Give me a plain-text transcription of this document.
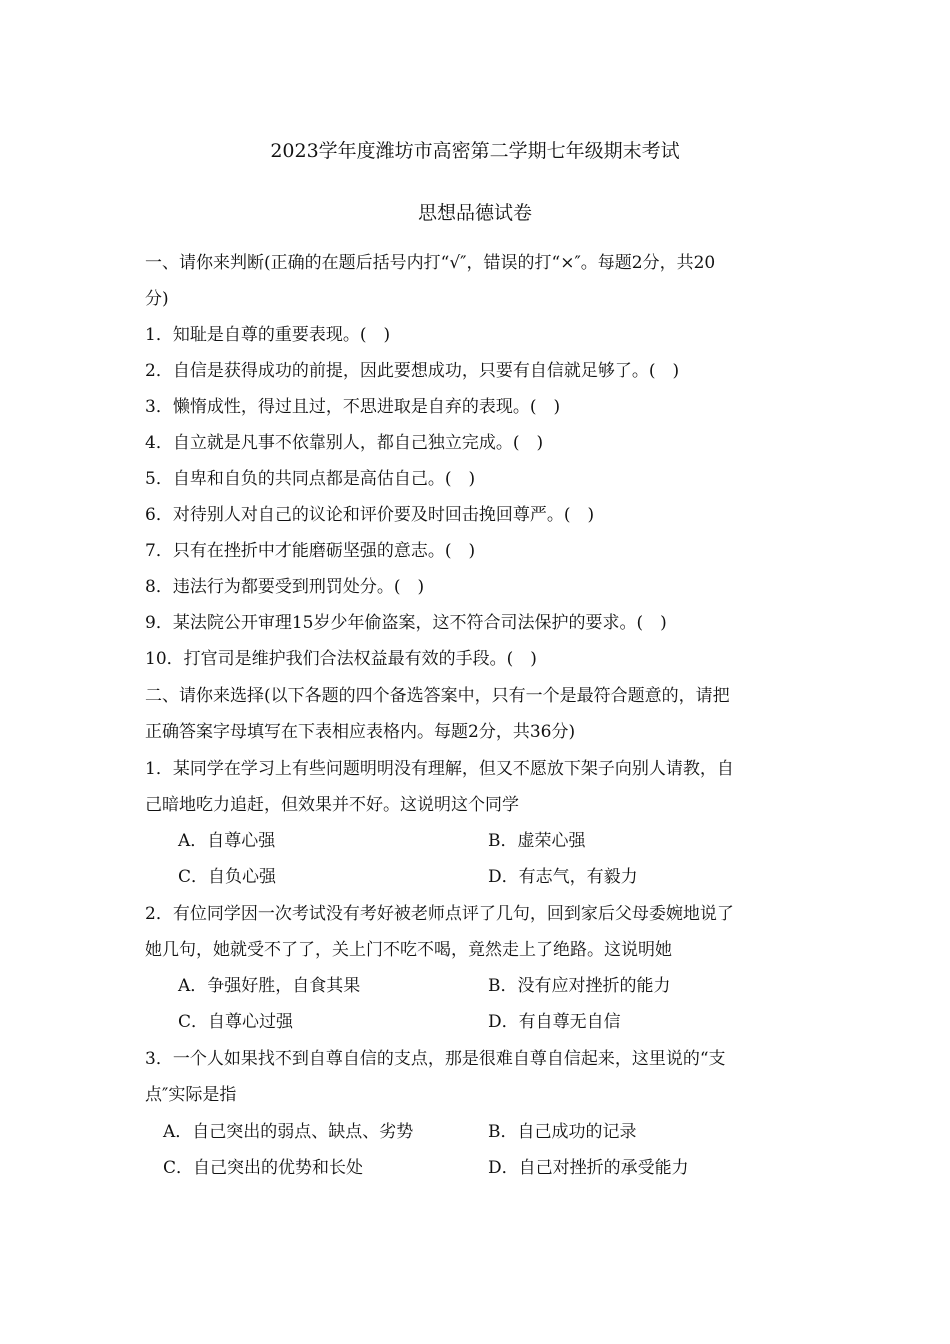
2023学年度潍坊市高密第二学期七年级期末考试
思想品德试卷
一、请你来判断(正确的在题后括号内打“√″，错误的打“×″。每题2分，共20
分)
1．知耻是自尊的重要表现。(　)
2．自信是获得成功的前提，因此要想成功，只要有自信就足够了。(　)
3．懒惰成性，得过且过，不思进取是自弃的表现。(　)
4．自立就是凡事不依靠别人，都自己独立完成。(　)
5．自卑和自负的共同点都是高估自己。(　)
6．对待别人对自己的议论和评价要及时回击挽回尊严。(　)
7．只有在挫折中才能磨砺坚强的意志。(　)
8．违法行为都要受到刑罚处分。(　)
9．某法院公开审理15岁少年偷盗案，这不符合司法保护的要求。(　)
10．打官司是维护我们合法权益最有效的手段。(　)
二、请你来选择(以下各题的四个备选答案中，只有一个是最符合题意的，请把
正确答案字母填写在下表相应表格内。每题2分，共36分)
1．某同学在学习上有些问题明明没有理解，但又不愿放下架子向别人请教，自
己暗地吃力追赶，但效果并不好。这说明这个同学
A．自尊心强	B．虚荣心强
C．自负心强	D．有志气，有毅力
2．有位同学因一次考试没有考好被老师点评了几句，回到家后父母委婉地说了
她几句，她就受不了了，关上门不吃不喝，竟然走上了绝路。这说明她
A．争强好胜，自食其果	B．没有应对挫折的能力
C．自尊心过强	D．有自尊无自信
3．一个人如果找不到自尊自信的支点，那是很难自尊自信起来，这里说的“支
点″实际是指
A．自己突出的弱点、缺点、劣势	B．自己成功的记录
C．自己突出的优势和长处	D．自己对挫折的承受能力
